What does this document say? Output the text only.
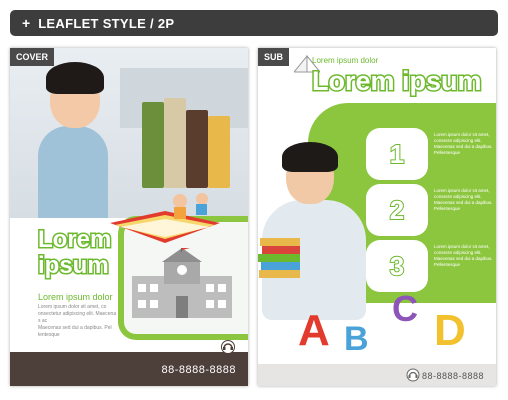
+ LEAFLET STYLE / 2P
COVER
Lorem
ipsum
Lorem ipsum dolor
Lorem ipsum dolor sit amet, co
onsectetur adipiscing elit. Maecena
s ac
Maecenas sed dui a dapibus. Pel
lentesque
88-8888-8888
SUB	Lorem ipsum dolor
Lorem ipsum
1
Lorem ipsum dolor sit amet, consecte adipiscing elit. Maecenas sed dui a dapibus. Pellentesque
2
Lorem ipsum dolor sit amet, consecte adipiscing elit. Maecenas sed dui a dapibus. Pellentesque
3
Lorem ipsum dolor sit amet, consecte adipiscing elit. Maecenas sed dui a dapibus. Pellentesque
A B
C D
88-8888-8888
